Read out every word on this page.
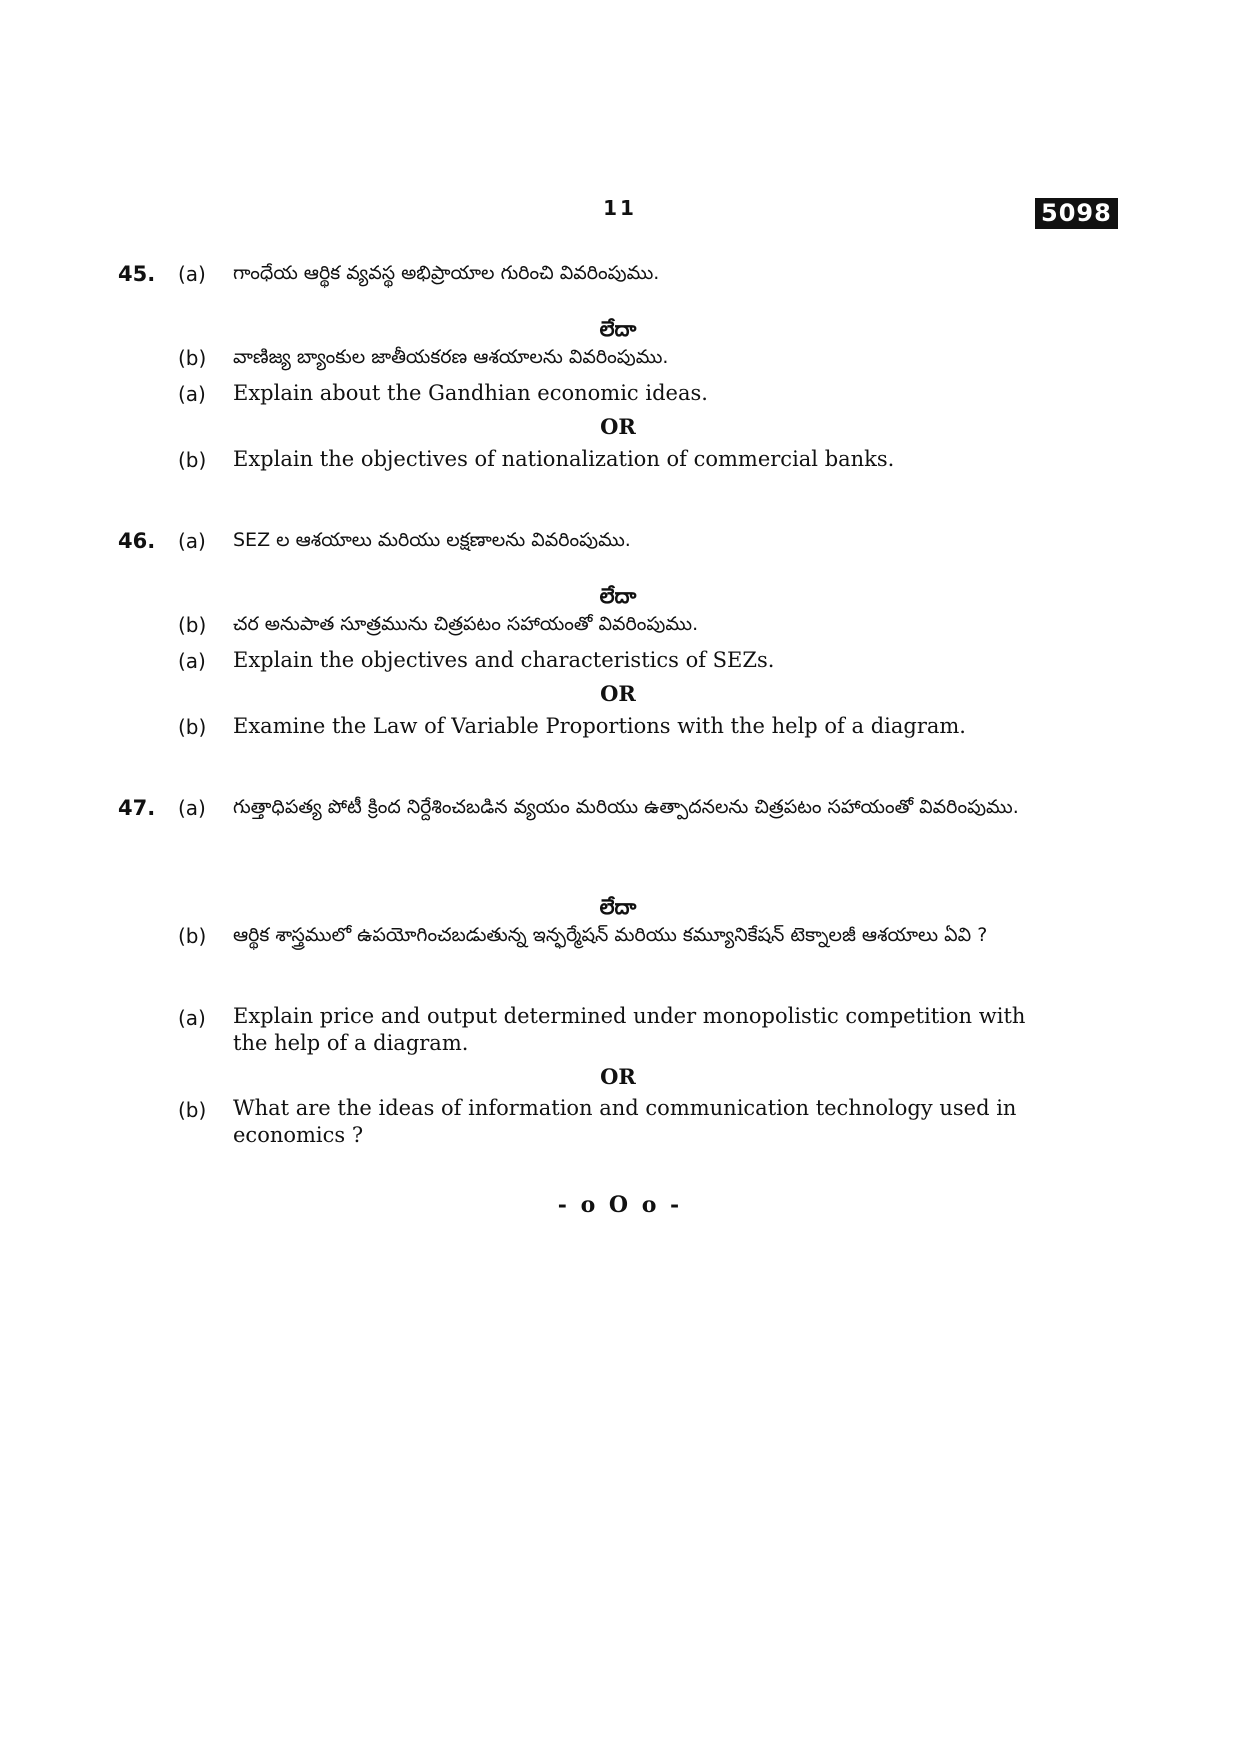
11	5098
45. (a) గాంధేయ ఆర్థిక వ్యవస్థ అభిప్రాయాల గురించి వివరింపుము.
లేదా
(b) వాణిజ్య బ్యాంకుల జాతీయకరణ ఆశయాలను వివరింపుము.
(a) Explain about the Gandhian economic ideas.
OR
(b) Explain the objectives of nationalization of commercial banks.
46. (a) SEZ ల ఆశయాలు మరియు లక్షణాలను వివరింపుము.
లేదా
(b) చర అనుపాత సూత్రమును చిత్రపటం సహాయంతో వివరింపుము.
(a) Explain the objectives and characteristics of SEZs.
OR
(b) Examine the Law of Variable Proportions with the help of a diagram.
47. (a) గుత్తాధిపత్య పోటీ క్రింద నిర్దేశించబడిన వ్యయం మరియు ఉత్పాదనలను చిత్రపటం సహాయంతో వివరింపుము.
లేదా
(b) ఆర్థిక శాస్త్రములో ఉపయోగించబడుతున్న ఇన్ఫర్మేషన్ మరియు కమ్యూనికేషన్ టెక్నాలజీ ఆశయాలు ఏవి ?
(a) Explain price and output determined under monopolistic competition with the help of a diagram.
OR
(b) What are the ideas of information and communication technology used in economics ?
- o O o -
